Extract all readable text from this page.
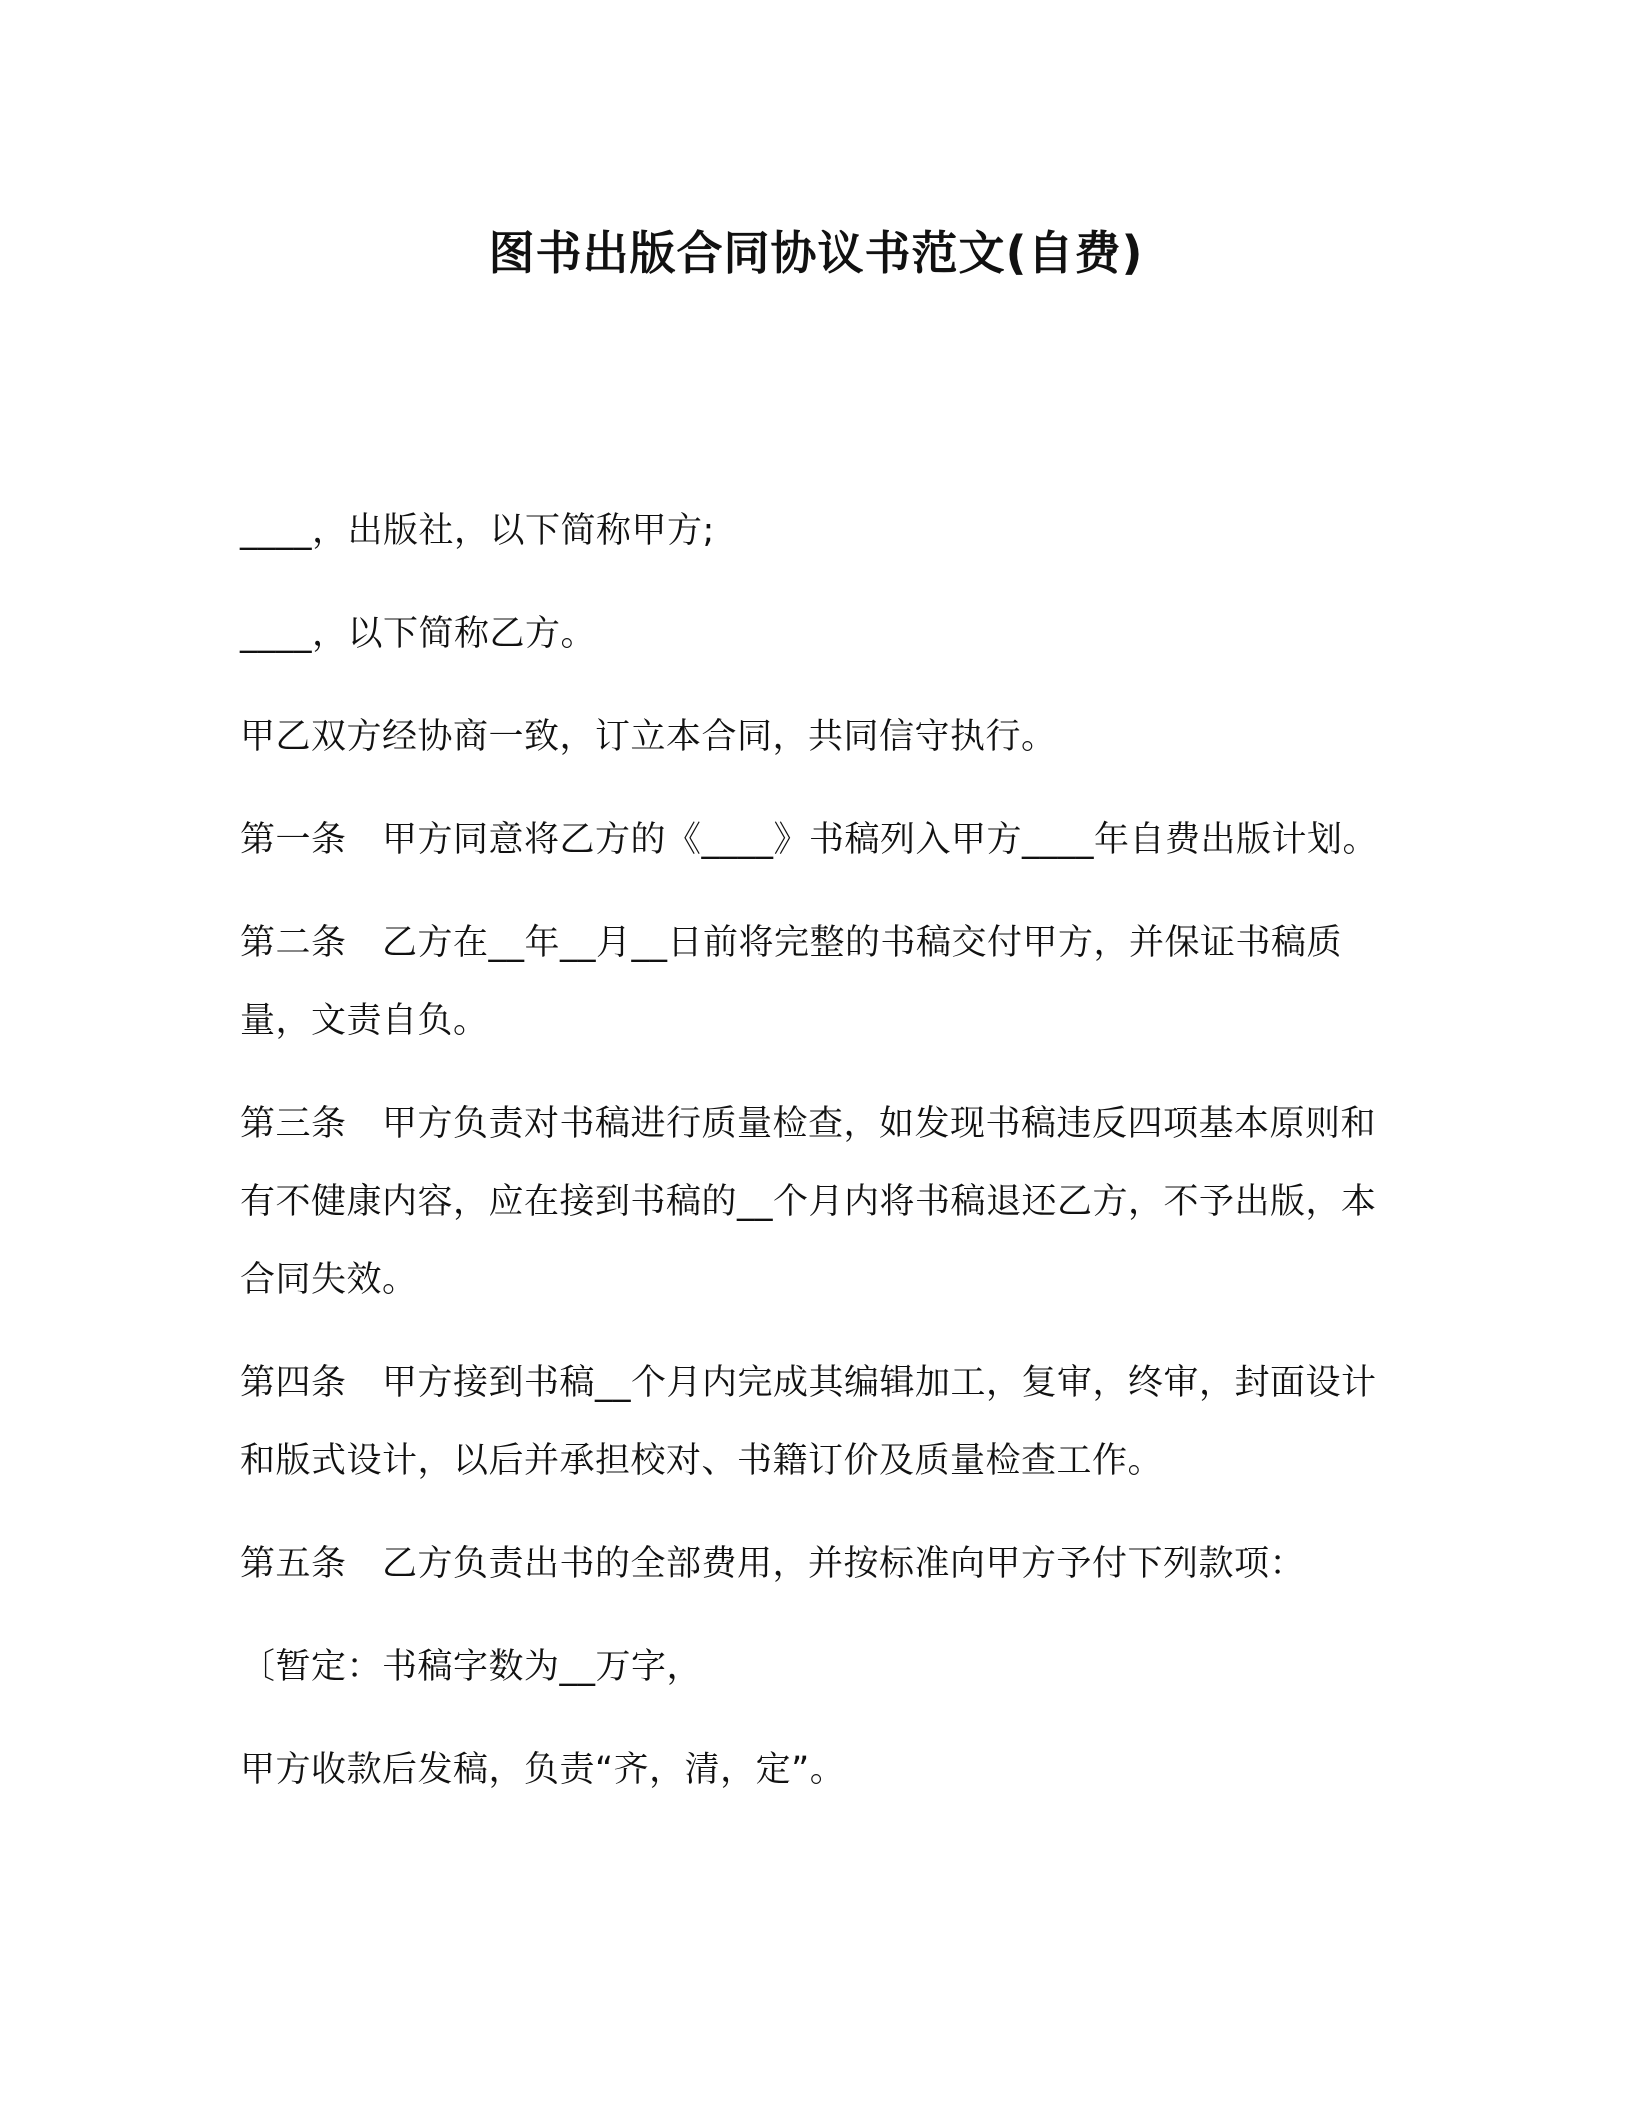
图书出版合同协议书范文(自费)

____，出版社，以下简称甲方;

____，以下简称乙方。

甲乙双方经协商一致，订立本合同，共同信守执行。

第一条　甲方同意将乙方的《____》书稿列入甲方____年自费出版计划。

第二条　乙方在__年__月__日前将完整的书稿交付甲方，并保证书稿质量，文责自负。

第三条　甲方负责对书稿进行质量检查，如发现书稿违反四项基本原则和有不健康内容，应在接到书稿的__个月内将书稿退还乙方，不予出版，本合同失效。

第四条　甲方接到书稿__个月内完成其编辑加工，复审，终审，封面设计和版式设计，以后并承担校对、书籍订价及质量检查工作。

第五条　乙方负责出书的全部费用，并按标准向甲方予付下列款项：

〔暂定：书稿字数为__万字，

甲方收款后发稿，负责“齐，清，定”。
